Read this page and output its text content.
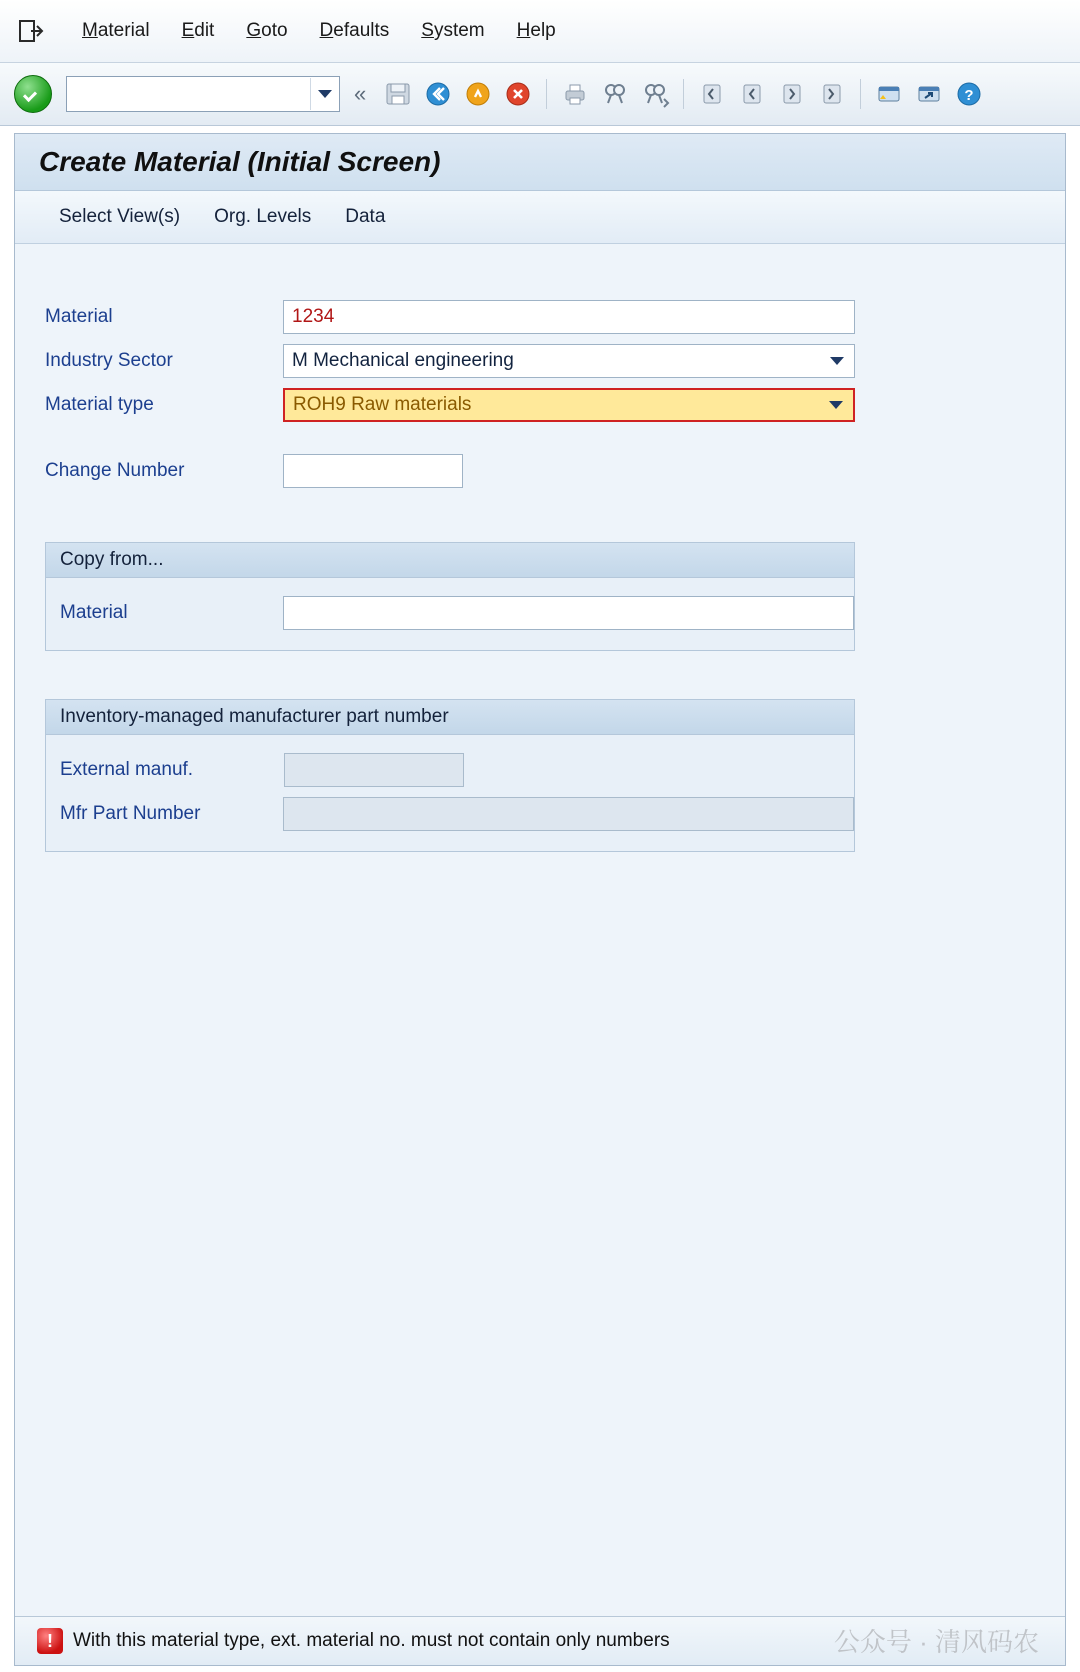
Material	Edit	Goto	Defaults	System	Help
«	?
Create Material (Initial Screen)
Select View(s)	Org. Levels	Data
Material	1234
Industry Sector	M Mechanical engineering
Material type	ROH9 Raw materials
Change Number
Copy from...
Material
Inventory-managed manufacturer part number
External manuf.
Mfr Part Number
!	With this material type, ext. material no. must not contain only numbers	公众号 · 清风码农
